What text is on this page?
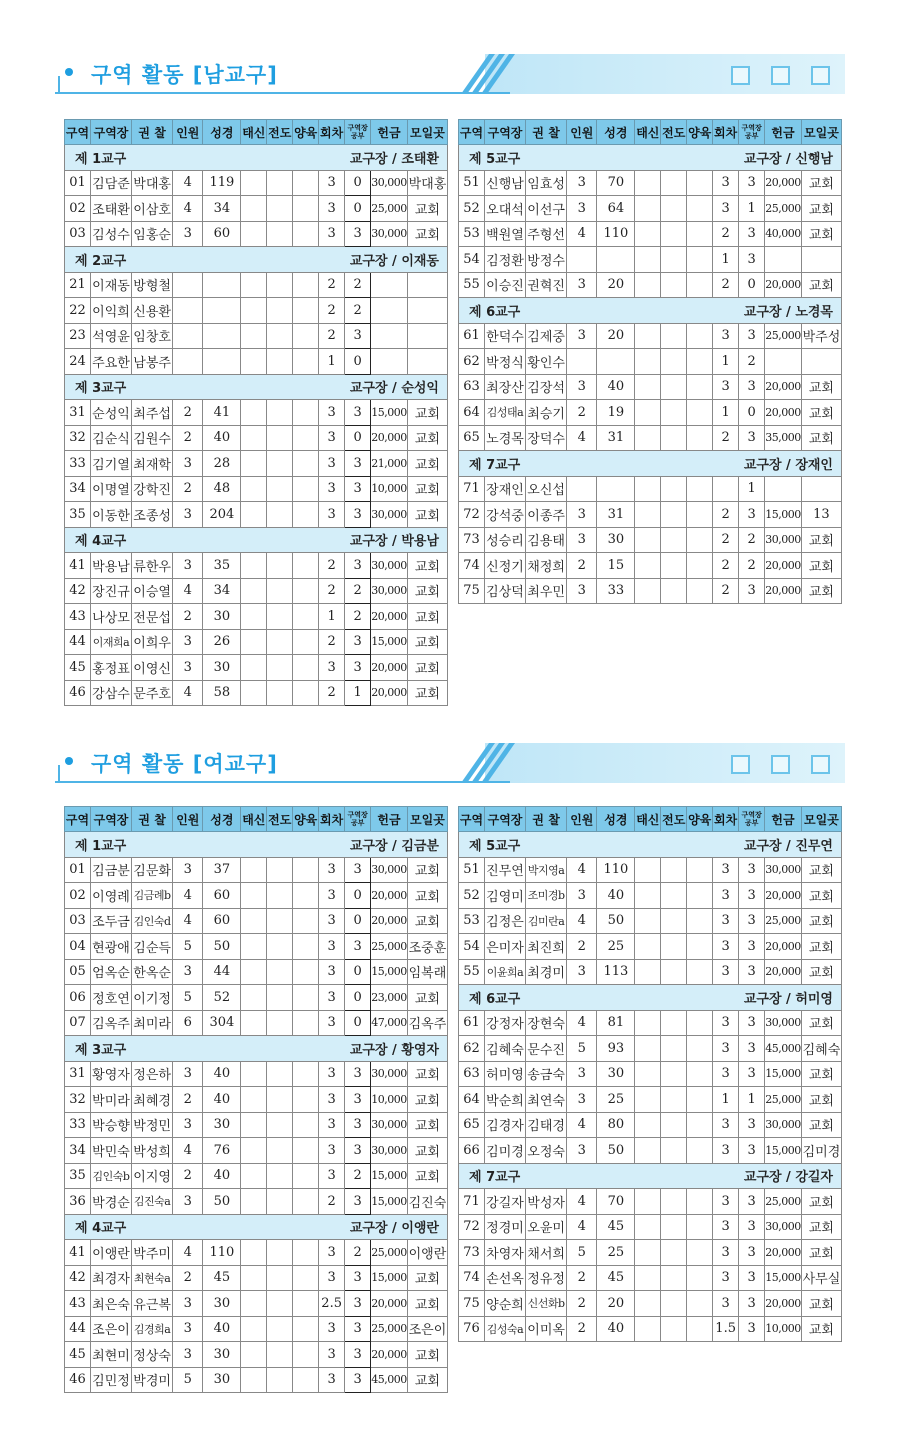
구역 활동 [남교구]
구역	구역장	권 찰	인원	성경	태신	전도	양육	회차	구역장
공부	헌금	모일곳
제 1교구						교구장 / 조태환					
01	김담준	박대홍	4	119				3	0	30,000	박대홍
02	조태환	이삼호	4	34				3	0	25,000	교회
03	김성수	임홍순	3	60				3	3	30,000	교회
제 2교구						교구장 / 이재동					
21	이재동	방형철						2	2		
22	이익희	신용환						2	2		
23	석영윤	임창호						2	3		
24	주요한	남봉주						1	0		
제 3교구						교구장 / 순성익					
31	순성익	최주섭	2	41				3	3	15,000	교회
32	김순식	김원수	2	40				3	0	20,000	교회
33	김기열	최재학	3	28				3	3	21,000	교회
34	이명열	강학진	2	48				3	3	10,000	교회
35	이동한	조종성	3	204				3	3	30,000	교회
제 4교구						교구장 / 박용남					
41	박용남	류한우	3	35				2	3	30,000	교회
42	장진규	이승열	4	34				2	2	30,000	교회
43	나상모	전문섭	2	30				1	2	20,000	교회
44	이재희a	이희우	3	26				2	3	15,000	교회
45	홍정표	이영신	3	30				3	3	20,000	교회
46	강삼수	문주호	4	58				2	1	20,000	교회
구역	구역장	권 찰	인원	성경	태신	전도	양육	회차	구역장
공부	헌금	모일곳
제 5교구						교구장 / 신행남					
51	신행남	임효성	3	70				3	3	20,000	교회
52	오대석	이선구	3	64				3	1	25,000	교회
53	백원열	주형선	4	110				2	3	40,000	교회
54	김정환	방정수						1	3		
55	이승진	권혁진	3	20				2	0	20,000	교회
제 6교구						교구장 / 노경목					
61	한덕수	김제중	3	20				3	3	25,000	박주성
62	박정식	황인수						1	2		
63	최장산	김장석	3	40				3	3	20,000	교회
64	김성태a	최승기	2	19				1	0	20,000	교회
65	노경목	장덕수	4	31				2	3	35,000	교회
제 7교구						교구장 / 장재인					
71	장재인	오신섭							1		
72	강석중	이종주	3	31				2	3	15,000	13
73	성승리	김용태	3	30				2	2	30,000	교회
74	신정기	채정희	2	15				2	2	20,000	교회
75	김상덕	최우민	3	33				2	3	20,000	교회
구역 활동 [여교구]
구역	구역장	권 찰	인원	성경	태신	전도	양육	회차	구역장
공부	헌금	모일곳
제 1교구						교구장 / 김금분					
01	김금분	김문화	3	37				3	3	30,000	교회
02	이영례	김금례b	4	60				3	0	20,000	교회
03	조두금	김인숙d	4	60				3	0	20,000	교회
04	현광애	김순득	5	50				3	3	25,000	조중훈
05	엄옥순	한옥순	3	44				3	0	15,000	임복래
06	정호연	이기정	5	52				3	0	23,000	교회
07	김옥주	최미라	6	304				3	0	47,000	김옥주
제 3교구						교구장 / 황영자					
31	황영자	정은하	3	40				3	3	30,000	교회
32	박미라	최혜경	2	40				3	3	10,000	교회
33	박승향	박정민	3	30				3	3	30,000	교회
34	박민숙	박성희	4	76				3	3	30,000	교회
35	김인숙b	이지영	2	40				3	2	15,000	교회
36	박경순	김진숙a	3	50				2	3	15,000	김진숙
제 4교구						교구장 / 이앵란					
41	이앵란	박주미	4	110				3	2	25,000	이앵란
42	최경자	최현숙a	2	45				3	3	15,000	교회
43	최은숙	유근복	3	30				2.5	3	20,000	교회
44	조은이	김경희a	3	40				3	3	25,000	조은이
45	최현미	정상숙	3	30				3	3	20,000	교회
46	김민정	박경미	5	30				3	3	45,000	교회
구역	구역장	권 찰	인원	성경	태신	전도	양육	회차	구역장
공부	헌금	모일곳
제 5교구						교구장 / 진무연					
51	진무연	박지영a	4	110				3	3	30,000	교회
52	김영미	조미경b	3	40				3	3	20,000	교회
53	김정은	김미란a	4	50				3	3	25,000	교회
54	은미자	최진희	2	25				3	3	20,000	교회
55	이윤희a	최경미	3	113				3	3	20,000	교회
제 6교구						교구장 / 허미영					
61	강정자	장현숙	4	81				3	3	30,000	교회
62	김혜숙	문수진	5	93				3	3	45,000	김혜숙
63	허미영	송금숙	3	30				3	3	15,000	교회
64	박순희	최연숙	3	25				1	1	25,000	교회
65	김경자	김태경	4	80				3	3	30,000	교회
66	김미경	오정숙	3	50				3	3	15,000	김미경
제 7교구						교구장 / 강길자					
71	강길자	박성자	4	70				3	3	25,000	교회
72	정경미	오윤미	4	45				3	3	30,000	교회
73	차영자	채서희	5	25				3	3	20,000	교회
74	손선옥	정유정	2	45				3	3	15,000	사무실
75	양순희	신선화b	2	20				3	3	20,000	교회
76	김성숙a	이미옥	2	40				1.5	3	10,000	교회
